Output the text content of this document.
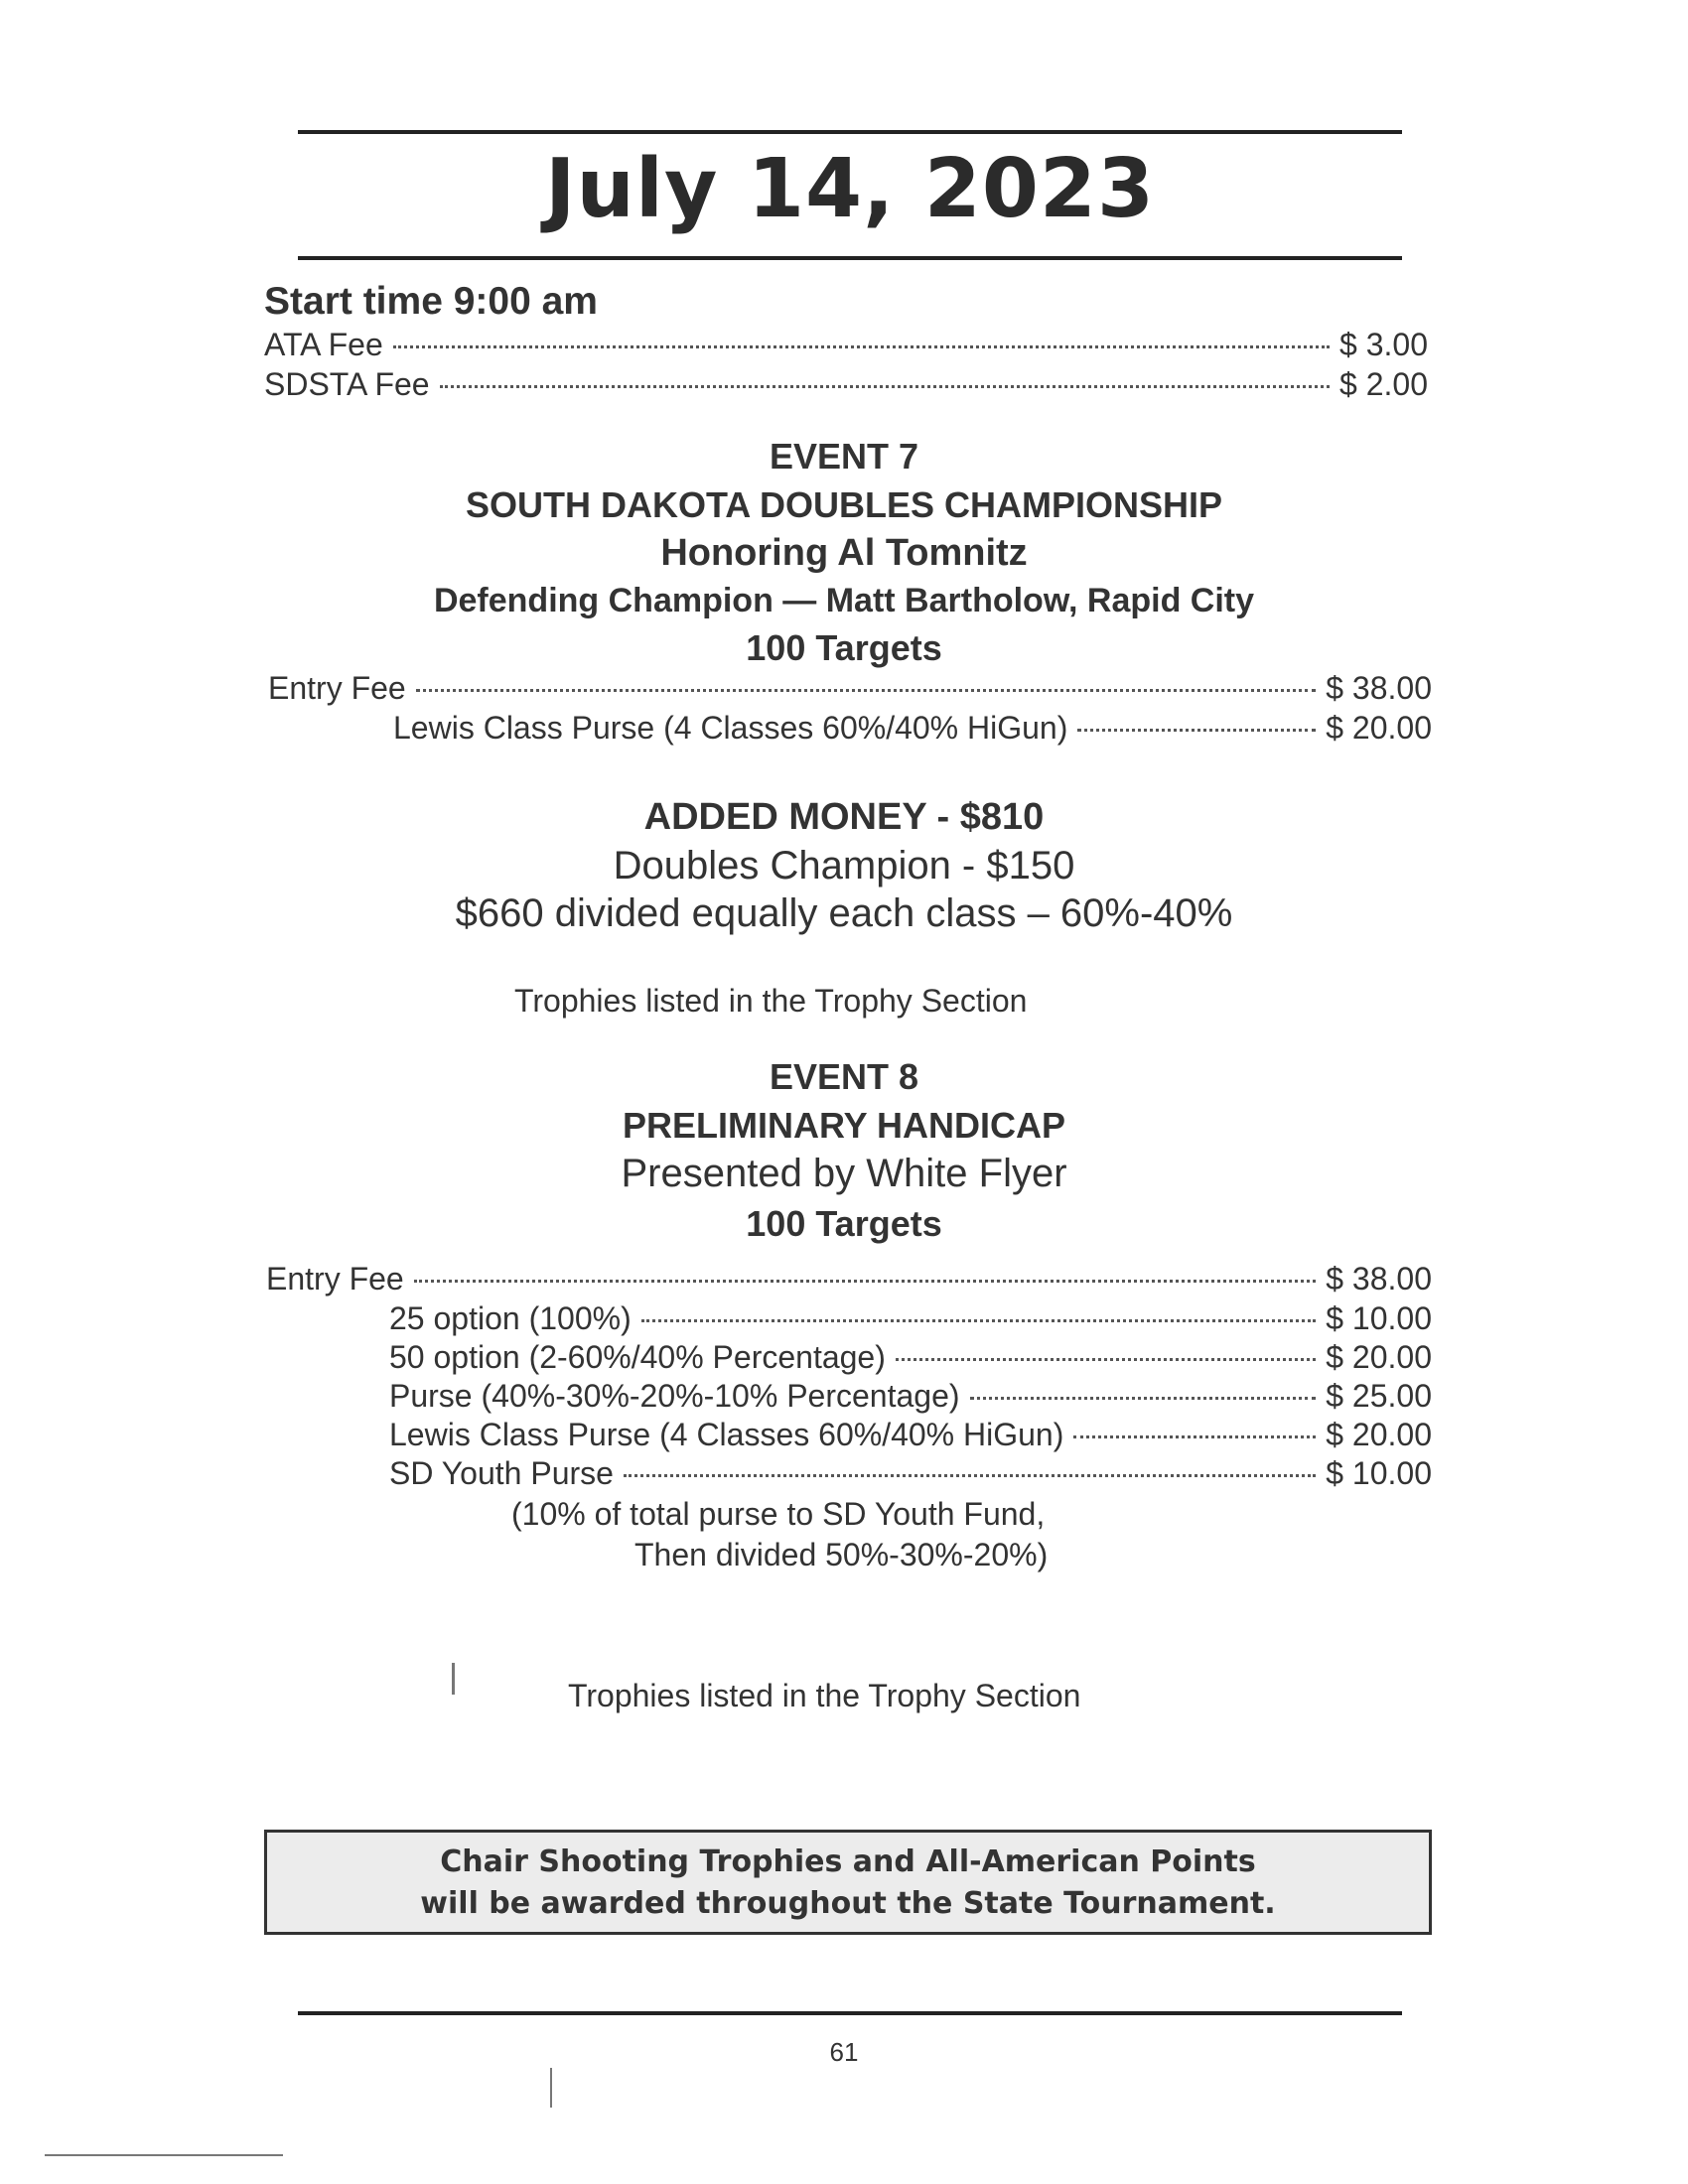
July 14, 2023
Start time 9:00 am
ATA Fee	$ 3.00
SDSTA Fee	$ 2.00
EVENT 7
SOUTH DAKOTA DOUBLES CHAMPIONSHIP
Honoring Al Tomnitz
Defending Champion — Matt Bartholow, Rapid City
100 Targets
Entry Fee	$ 38.00
Lewis Class Purse (4 Classes 60%/40% HiGun)	$ 20.00
ADDED MONEY - $810
Doubles Champion - $150
$660 divided equally each class – 60%-40%
Trophies listed in the Trophy Section
EVENT 8
PRELIMINARY HANDICAP
Presented by White Flyer
100 Targets
Entry Fee	$ 38.00
25 option (100%)	$ 10.00
50 option (2-60%/40% Percentage)	$ 20.00
Purse (40%-30%-20%-10% Percentage)	$ 25.00
Lewis Class Purse (4 Classes 60%/40% HiGun)	$ 20.00
SD Youth Purse	$ 10.00
(10% of total purse to SD Youth Fund,
Then divided 50%-30%-20%)
Trophies listed in the Trophy Section
Chair Shooting Trophies and All-American Points
will be awarded throughout the State Tournament.
61
